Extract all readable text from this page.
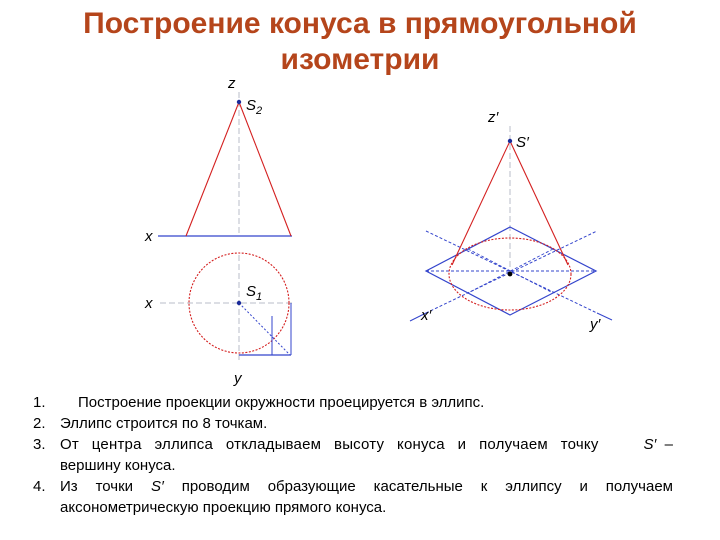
Построение конуса в прямоугольной
изометрии
z
S 2
x
x
S 1
y
z′
S′
x′
y′
1.	Построение проекции окружности проецируется в эллипс.
2. Эллипс строится по 8 точкам.
3. От центра эллипса откладываем высоту конуса и получаем точку	S′ –
вершину конуса.
4. Из точки S′ проводим образующие касательные к эллипсу и получаем аксонометрическую проекцию прямого конуса.
